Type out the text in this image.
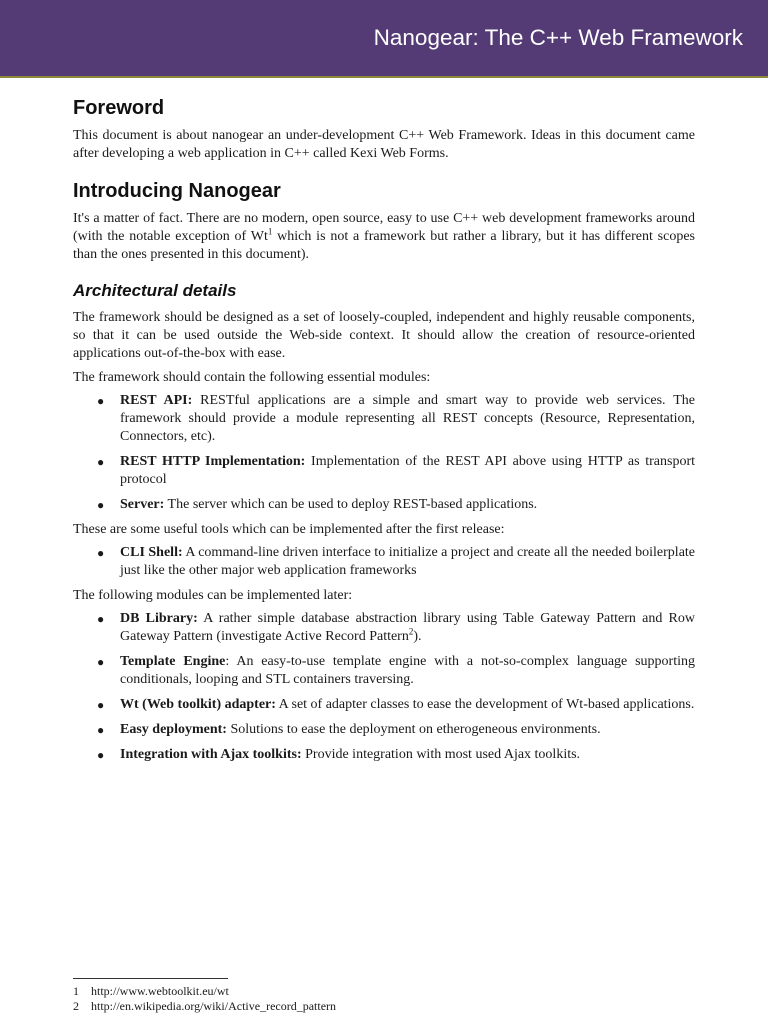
Nanogear: The C++ Web Framework
Foreword

This document is about nanogear an under-development C++ Web Framework. Ideas in this document came after developing a web application in C++ called Kexi Web Forms.

Introducing Nanogear

It's a matter of fact. There are no modern, open source, easy to use C++ web development frameworks around (with the notable exception of Wt$^1$ which is not a framework but rather a library, but it has different scopes than the ones presented in this document).

Architectural details

The framework should be designed as a set of loosely-coupled, independent and highly reusable components, so that it can be used outside the Web-side context. It should allow the creation of resource-oriented applications out-of-the-box with ease.

The framework should contain the following essential modules:

● REST API: RESTful applications are a simple and smart way to provide web services. The framework should provide a module representing all REST concepts (Resource, Representation, Connectors, etc).
● REST HTTP Implementation: Implementation of the REST API above using HTTP as transport protocol
● Server: The server which can be used to deploy REST-based applications.

These are some useful tools which can be implemented after the first release:

● CLI Shell: A command-line driven interface to initialize a project and create all the needed boilerplate just like the other major web application frameworks

The following modules can be implemented later:

● DB Library: A rather simple database abstraction library using Table Gateway Pattern and Row Gateway Pattern (investigate Active Record Pattern$^2$).
● Template Engine: An easy-to-use template engine with a not-so-complex language supporting conditionals, looping and STL containers traversing.
● Wt (Web toolkit) adapter: A set of adapter classes to ease the development of Wt-based applications.
● Easy deployment: Solutions to ease the deployment on etherogeneous environments.
● Integration with Ajax toolkits: Provide integration with most used Ajax toolkits.
1 http://www.webtoolkit.eu/wt
2 http://en.wikipedia.org/wiki/Active_record_pattern
